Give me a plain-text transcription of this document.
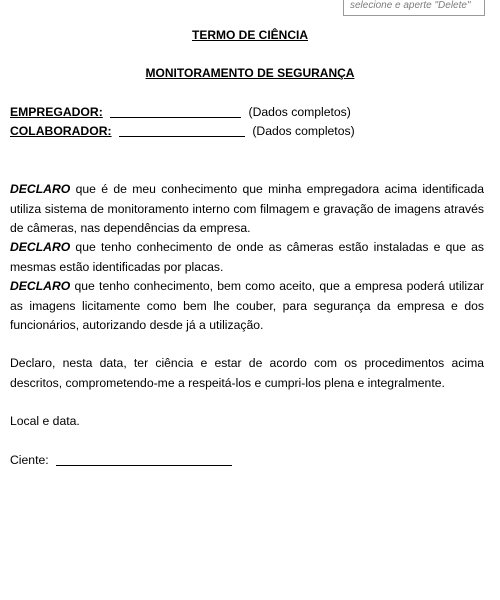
selecione e aperte "Delete"
TERMO DE CIÊNCIA
MONITORAMENTO DE SEGURANÇA
EMPREGADOR:	(Dados completos)
COLABORADOR:	(Dados completos)
DECLARO que é de meu conhecimento que minha empregadora acima identificada utiliza sistema de monitoramento interno com filmagem e gravação de imagens através de câmeras, nas dependências da empresa.
DECLARO que tenho conhecimento de onde as câmeras estão instaladas e que as mesmas estão identificadas por placas.
DECLARO que tenho conhecimento, bem como aceito, que a empresa poderá utilizar as imagens licitamente como bem lhe couber, para segurança da empresa e dos funcionários, autorizando desde já a utilização.
Declaro, nesta data, ter ciência e estar de acordo com os procedimentos acima descritos, comprometendo-me a respeitá-los e cumpri-los plena e integralmente.
Local e data.
Ciente:
